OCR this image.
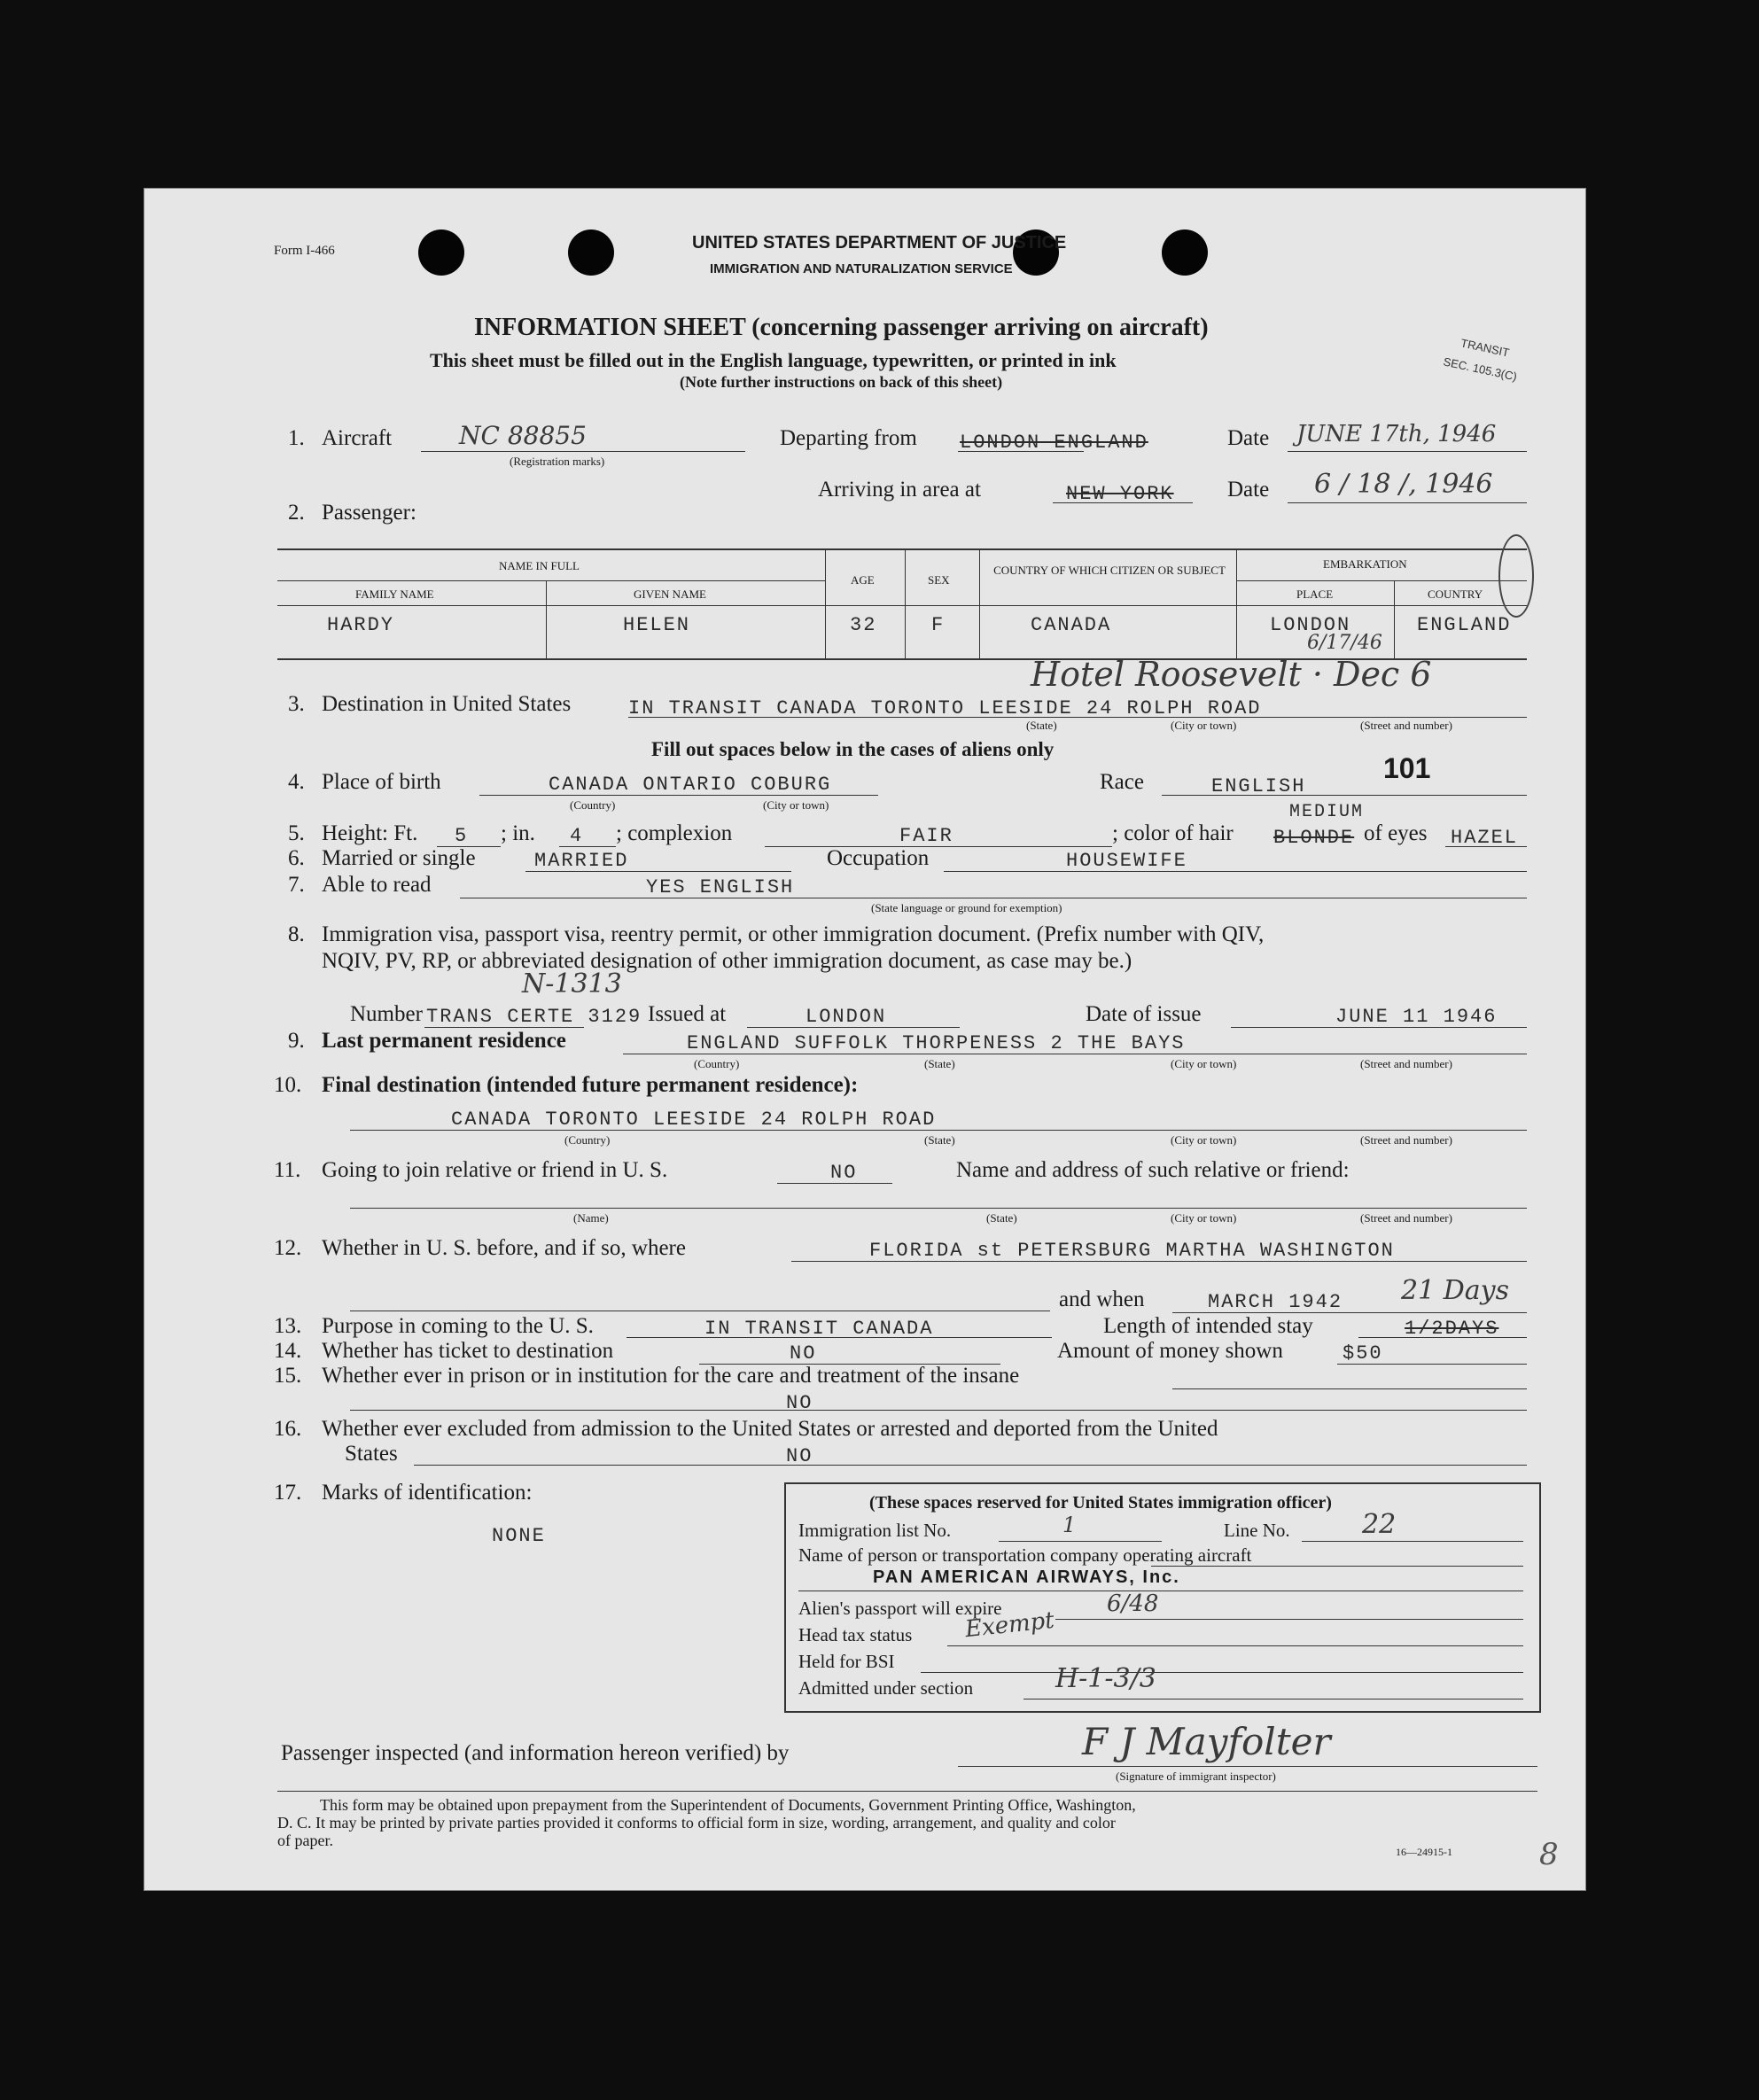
Form I-466	UNITED STATES DEPARTMENT OF JUSTICE
IMMIGRATION AND NATURALIZATION SERVICE
INFORMATION SHEET (concerning passenger arriving on aircraft)
This sheet must be filled out in the English language, typewritten, or printed in ink
(Note further instructions on back of this sheet)
TRANSIT
SEC. 105.3(C)
1. Aircraft	NC 88855
(Registration marks)
Departing from LONDON ENGLAND	Date JUNE 17th, 1946
Arriving in area at	NEW YORK Date 6 / 18 /, 1946
2. Passenger:
NAME IN FULL
FAMILY NAME	GIVEN NAME
AGE	SEX
COUNTRY OF WHICH CITIZEN OR SUBJECT	EMBARKATION
PLACE	COUNTRY
HARDY	HELEN	32	F	CANADA	LONDON	ENGLAND
6/17/46
3. Destination in United States	IN TRANSIT CANADA TORONTO LEESIDE 24 ROLPH ROAD
Hotel Roosevelt · Dec 6
(State)	(City or town)	(Street and number)
Fill out spaces below in the cases of aliens only
4. Place of birth	CANADA ONTARIO COBURG
(Country)	(City or town)
Race	ENGLISH
101
5. Height: Ft. 5 ; in. 4 ; complexion	FAIR	; color of hair BLONDE
MEDIUM
of eyes HAZEL
6. Married or single	MARRIED	Occupation	HOUSEWIFE
7. Able to read	YES ENGLISH
(State language or ground for exemption)
8. Immigration visa, passport visa, reentry permit, or other immigration document. (Prefix number with QIV,
NQIV, PV, RP, or abbreviated designation of other immigration document, as case may be.)
N-1313
Number TRANS CERTE 3129 Issued at	LONDON	Date of issue	JUNE 11 1946
9. Last permanent residence	ENGLAND SUFFOLK THORPENESS 2 THE BAYS
(Country)	(State)	(City or town)	(Street and number)
10. Final destination (intended future permanent residence):
CANADA TORONTO LEESIDE 24 ROLPH ROAD
(Country)	(State)	(City or town)	(Street and number)
11. Going to join relative or friend in U. S.	NO	Name and address of such relative or friend:
(Name)	(State)	(City or town)	(Street and number)
12. Whether in U. S. before, and if so, where	FLORIDA st PETERSBURG MARTHA WASHINGTON
and when	MARCH 1942 21 Days
13. Purpose in coming to the U. S.	IN TRANSIT CANADA	Length of intended stay	1/2DAYS
14. Whether has ticket to destination	NO	Amount of money shown	$50
15. Whether ever in prison or in institution for the care and treatment of the insane
NO
16. Whether ever excluded from admission to the United States or arrested and deported from the United
States	NO
17. Marks of identification:
NONE
(These spaces reserved for United States immigration officer)
Immigration list No.	1	Line No.	22
Name of person or transportation company operating aircraft
PAN AMERICAN AIRWAYS, Inc.
Alien's passport will expire	6/48
Head tax status Exempt
Held for BSI
Admitted under section	H-1-3/3
Passenger inspected (and information hereon verified) by	F J Mayfolter
(Signature of immigrant inspector)
This form may be obtained upon prepayment from the Superintendent of Documents, Government Printing Office, Washington,
D. C. It may be printed by private parties provided it conforms to official form in size, wording, arrangement, and quality and color
of paper.
16—24915-1	8
